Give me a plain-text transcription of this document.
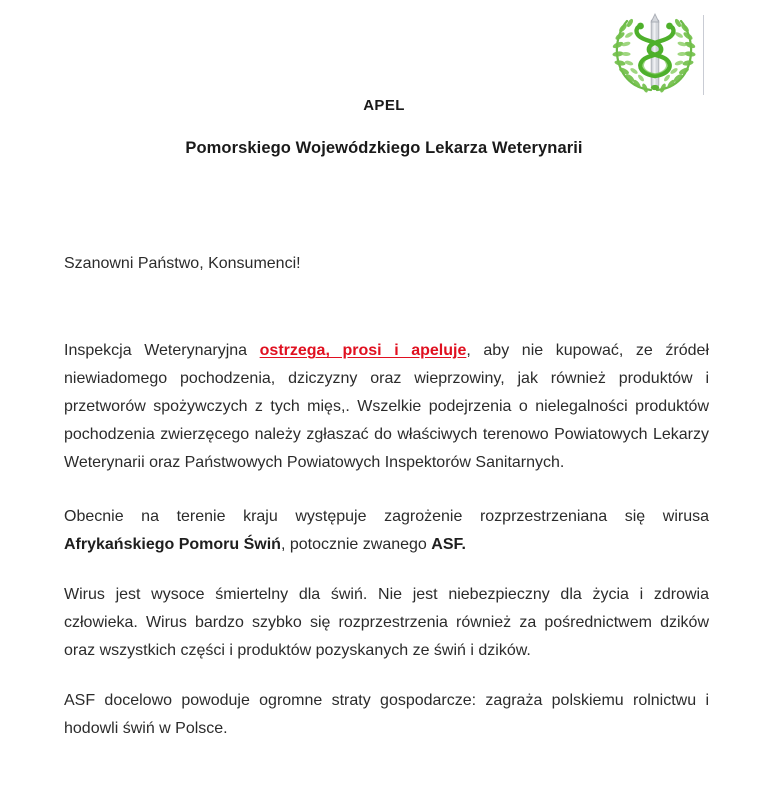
APEL
Pomorskiego Wojewódzkiego Lekarza Weterynarii

Szanowni Państwo, Konsumenci!

Inspekcja Weterynaryjna ostrzega, prosi i apeluje, aby nie kupować, ze źródeł niewiadomego pochodzenia, dziczyzny oraz wieprzowiny, jak również produktów i przetworów spożywczych z tych mięs,. Wszelkie podejrzenia o nielegalności produktów pochodzenia zwierzęcego należy zgłaszać do właściwych terenowo Powiatowych Lekarzy Weterynarii oraz Państwowych Powiatowych Inspektorów Sanitarnych.

Obecnie na terenie kraju występuje zagrożenie rozprzestrzeniana się wirusa Afrykańskiego Pomoru Świń, potocznie zwanego ASF.

Wirus jest wysoce śmiertelny dla świń. Nie jest niebezpieczny dla życia i zdrowia człowieka. Wirus bardzo szybko się rozprzestrzenia również za pośrednictwem dzików oraz wszystkich części i produktów pozyskanych ze świń i dzików.

ASF docelowo powoduje ogromne straty gospodarcze: zagraża polskiemu rolnictwu i hodowli świń w Polsce.
